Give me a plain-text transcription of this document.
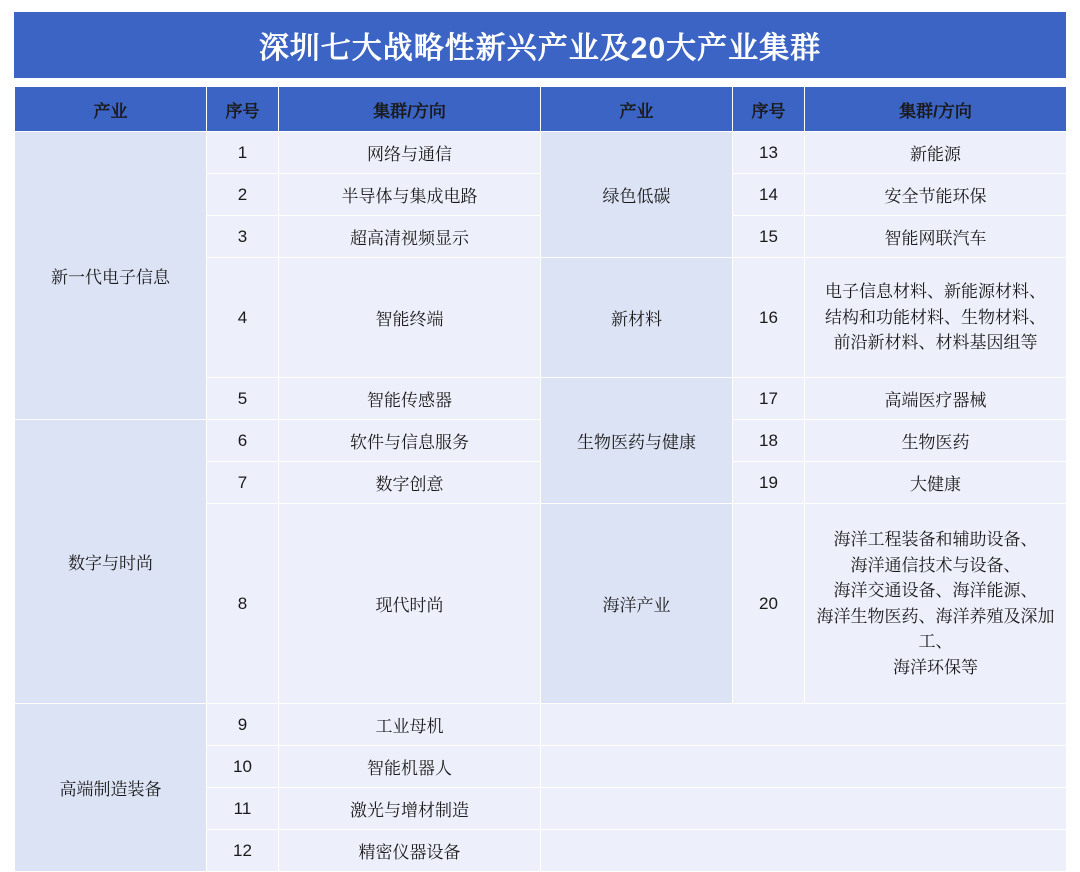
深圳七大战略性新兴产业及20大产业集群
产业	序号	集群/方向	产业	序号	集群/方向
新一代电子信息	1	网络与通信	绿色低碳	13	新能源
	2	半导体与集成电路		14	安全节能环保
	3	超高清视频显示		15	智能网联汽车
	4	智能终端	新材料	16	电子信息材料、新能源材料、
结构和功能材料、生物材料、
前沿新材料、材料基因组等
	5	智能传感器	生物医药与健康	17	高端医疗器械
数字与时尚	6	软件与信息服务		18	生物医药
	7	数字创意		19	大健康
	8	现代时尚	海洋产业	20	海洋工程装备和辅助设备、
海洋通信技术与设备、
海洋交通设备、海洋能源、
海洋生物医药、海洋养殖及深加工、
海洋环保等
高端制造装备	9	工业母机			
	10	智能机器人			
	11	激光与增材制造			
	12	精密仪器设备			
